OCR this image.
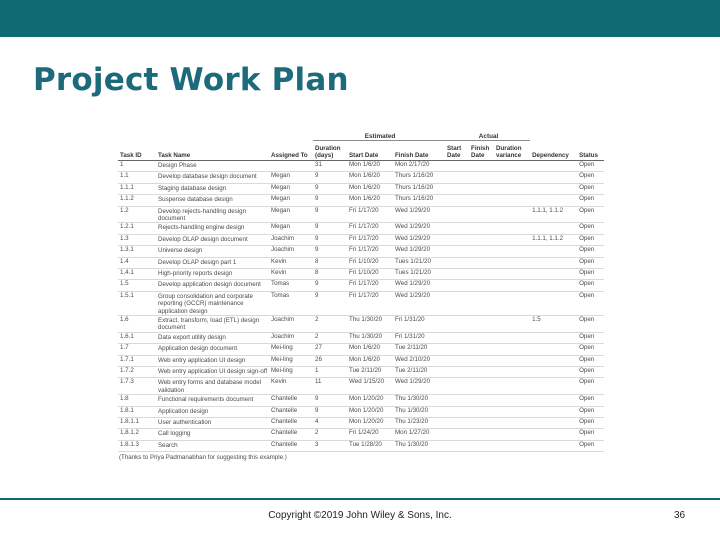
Project Work Plan
			Estimated			Actual				
Task ID	Task Name	Assigned To	Duration (days)	Start Date	Finish Date	Start Date	Finish Date	Duration variance	Dependency	Status
1	Design Phase		31	Mon 1/6/20	Mon 2/17/20					Open
1.1	Develop database design document	Megan	9	Mon 1/6/20	Thurs 1/16/20					Open
1.1.1	Staging database design	Megan	9	Mon 1/6/20	Thurs 1/16/20					Open
1.1.2	Suspense database design	Megan	9	Mon 1/6/20	Thurs 1/16/20					Open
1.2	Develop rejects-handling design document	Megan	9	Fri 1/17/20	Wed 1/29/20				1.1.1, 1.1.2	Open
1.2.1	Rejects-handling engine design	Megan	9	Fri 1/17/20	Wed 1/29/20					Open
1.3	Develop OLAP design document	Joachim	9	Fri 1/17/20	Wed 1/29/20				1.1.1, 1.1.2	Open
1.3.1	Universe design	Joachim	9	Fri 1/17/20	Wed 1/29/20					Open
1.4	Develop OLAP design part 1	Kevin	8	Fri 1/10/20	Tues 1/21/20					Open
1.4.1	High-priority reports design	Kevin	8	Fri 1/10/20	Tues 1/21/20					Open
1.5	Develop application design document	Tomas	9	Fri 1/17/20	Wed 1/29/20					Open
1.5.1	Group consolidation and corporate reporting (GCCR) maintenance application design	Tomas	9	Fri 1/17/20	Wed 1/29/20					Open
1.6	Extract, transform, load (ETL) design document	Joachim	2	Thu 1/30/20	Fri 1/31/20				1.5	Open
1.6.1	Data export utility design	Joachim	2	Thu 1/30/20	Fri 1/31/20					Open
1.7	Application design document	Mei-ling	27	Mon 1/6/20	Tue 2/11/20					Open
1.7.1	Web entry application UI design	Mei-ling	26	Mon 1/6/20	Wed 2/10/20					Open
1.7.2	Web entry application UI design sign-off	Mei-ling	1	Tue 2/11/20	Tue 2/11/20					Open
1.7.3	Web entry forms and database model validation	Kevin	11	Wed 1/15/20	Wed 1/29/20					Open
1.8	Functional requirements document	Chantelle	9	Mon 1/20/20	Thu 1/30/20					Open
1.8.1	Application design	Chantelle	9	Mon 1/20/20	Thu 1/30/20					Open
1.8.1.1	User authentication	Chantelle	4	Mon 1/20/20	Thu 1/23/20					Open
1.8.1.2	Call logging	Chantelle	2	Fri 1/24/20	Mon 1/27/20					Open
1.8.1.3	Search	Chantelle	3	Tue 1/28/20	Thu 1/30/20					Open
(Thanks to Priya Padmanabhan for suggesting this example.)
Copyright ©2019 John Wiley & Sons, Inc.	36
